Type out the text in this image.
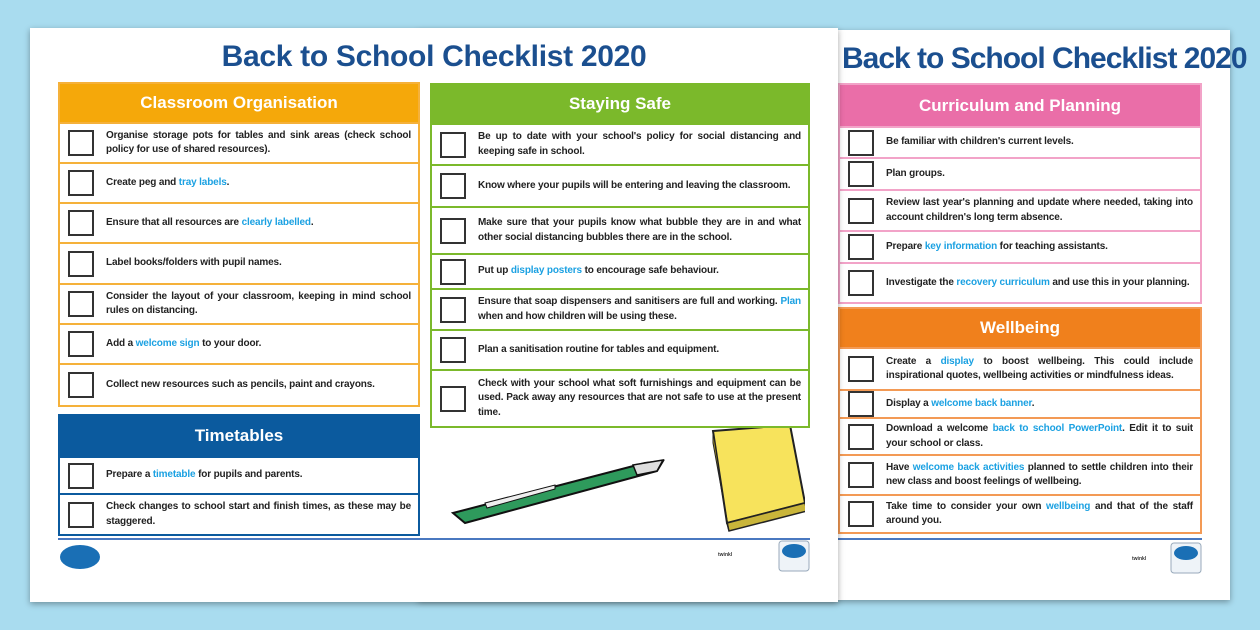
Back to School Checklist 2020
twinkl
Curriculum and Planning
Be familiar with children's current levels.
Plan groups.
Review last year's planning and update where needed, taking into account children's long term absence.
Prepare key information for teaching assistants.
Investigate the recovery curriculum and use this in your planning.
Wellbeing
Create a display to boost wellbeing. This could include inspirational quotes, wellbeing activities or mindfulness ideas.
Display a welcome back banner.
Download a welcome back to school PowerPoint. Edit it to suit your school or class.
Have welcome back activities planned to settle children into their new class and boost feelings of wellbeing.
Take time to consider your own wellbeing and that of the staff around you.
Back to School Checklist 2020
twinkl
Classroom Organisation
Organise storage pots for tables and sink areas (check school policy for use of shared resources).
Create peg and tray labels.
Ensure that all resources are clearly labelled.
Label books/folders with pupil names.
Consider the layout of your classroom, keeping in mind school rules on distancing.
Add a welcome sign to your door.
Collect new resources such as pencils, paint and crayons.
Timetables
Prepare a timetable for pupils and parents.
Check changes to school start and finish times, as these may be staggered.
Staying Safe
Be up to date with your school's policy for social distancing and keeping safe in school.
Know where your pupils will be entering and leaving the classroom.
Make sure that your pupils know what bubble they are in and what other social distancing bubbles there are in the school.
Put up display posters to encourage safe behaviour.
Ensure that soap dispensers and sanitisers are full and working. Plan when and how children will be using these.
Plan a sanitisation routine for tables and equipment.
Check with your school what soft furnishings and equipment can be used. Pack away any resources that are not safe to use at the present time.
